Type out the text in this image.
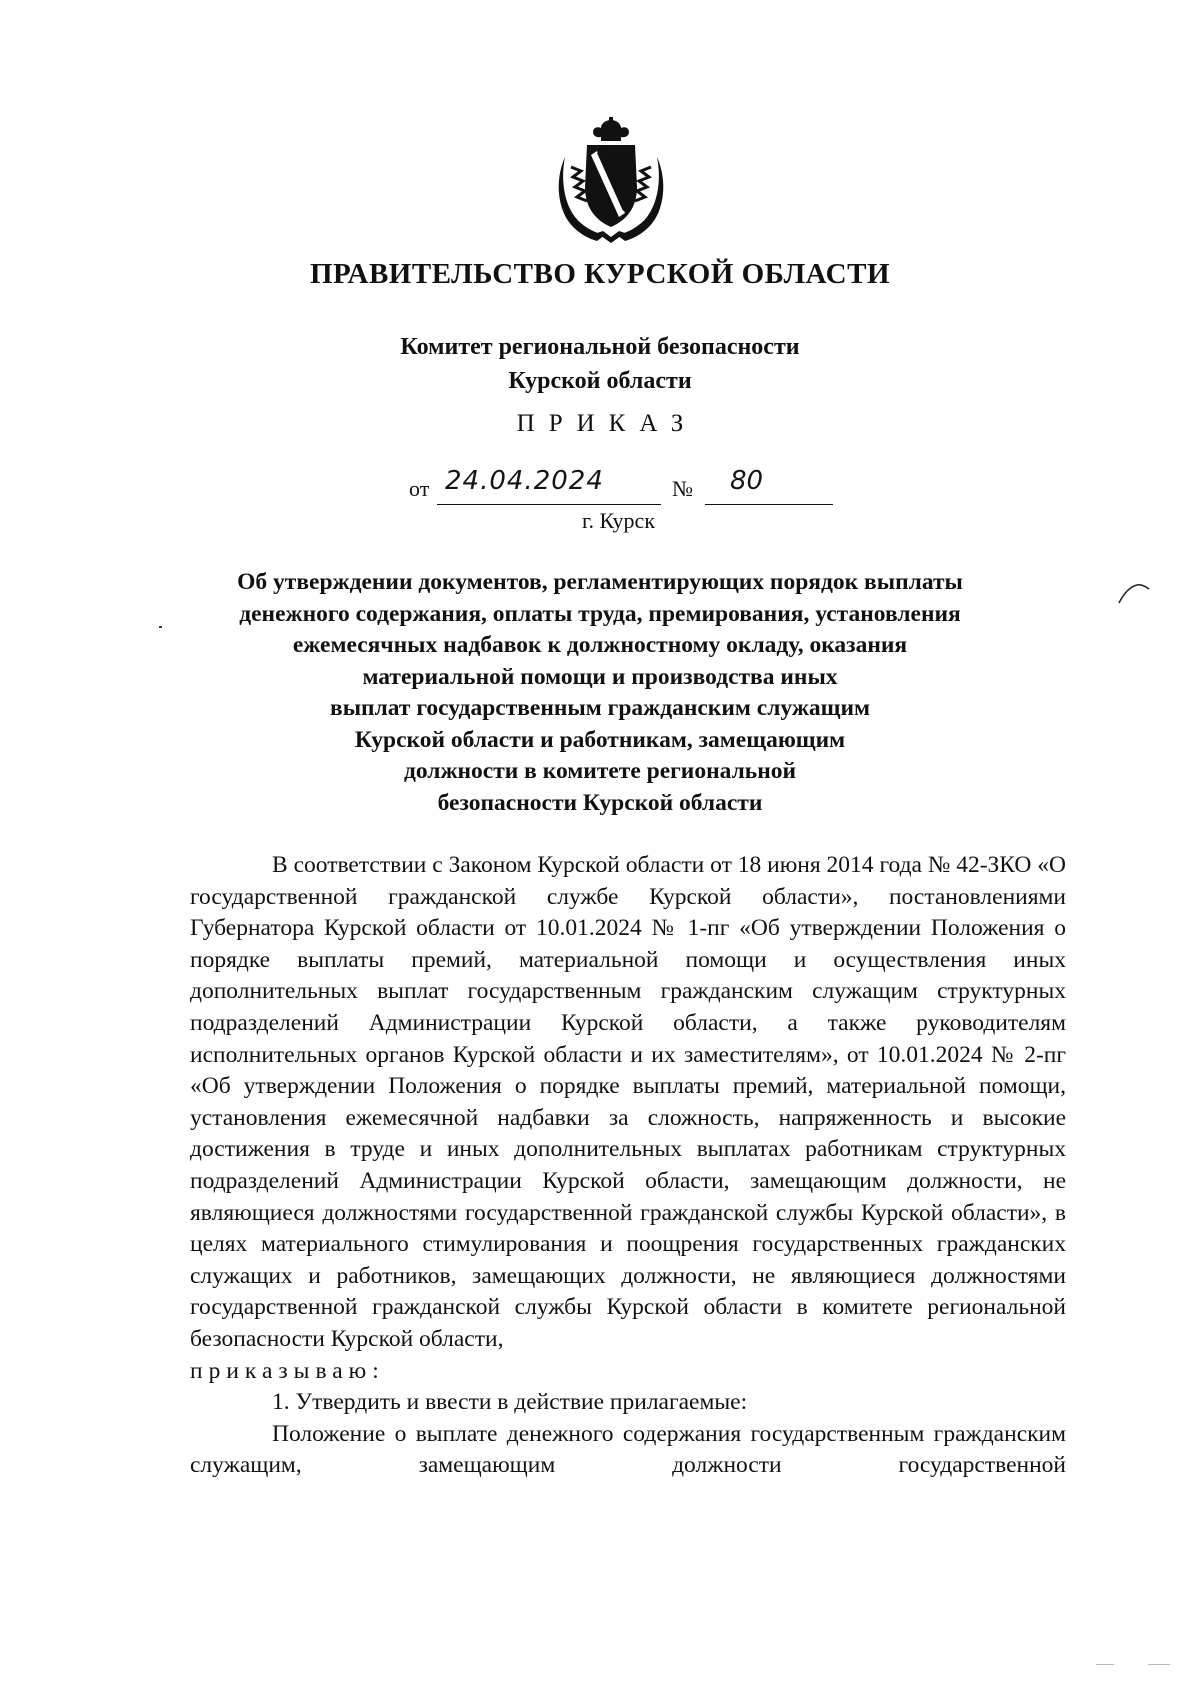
ПРАВИТЕЛЬСТВО КУРСКОЙ ОБЛАСТИ
Комитет региональной безопасности
Курской области
ПРИКАЗ
от 24.04.2024	№ 80
г. Курск
Об утверждении документов, регламентирующих порядок выплаты
денежного содержания, оплаты труда, премирования, установления
ежемесячных надбавок к должностному окладу, оказания
материальной помощи и производства иных
выплат государственным гражданским служащим
Курской области и работникам, замещающим
должности в комитете региональной
безопасности Курской области

В соответствии с Законом Курской области от 18 июня 2014 года № 42-ЗКО «О государственной гражданской службе Курской области», постановлениями Губернатора Курской области от 10.01.2024 № 1-пг «Об утверждении Положения о порядке выплаты премий, материальной помощи и осуществления иных дополнительных выплат государственным гражданским служащим структурных подразделений Администрации Курской области, а также руководителям исполнительных органов Курской области и их заместителям», от 10.01.2024 № 2-пг «Об утверждении Положения о порядке выплаты премий, материальной помощи, установления ежемесячной надбавки за сложность, напряженность и высокие достижения в труде и иных дополнительных выплатах работникам структурных подразделений Администрации Курской области, замещающим должности, не являющиеся должностями государственной гражданской службы Курской области», в целях материального стимулирования и поощрения государственных гражданских служащих и работников, замещающих должности, не являющиеся должностями государственной гражданской службы Курской области в комитете региональной безопасности Курской области,

приказываю:

1. Утвердить и ввести в действие прилагаемые:

Положение о выплате денежного содержания государственным гражданским служащим, замещающим должности государственной
